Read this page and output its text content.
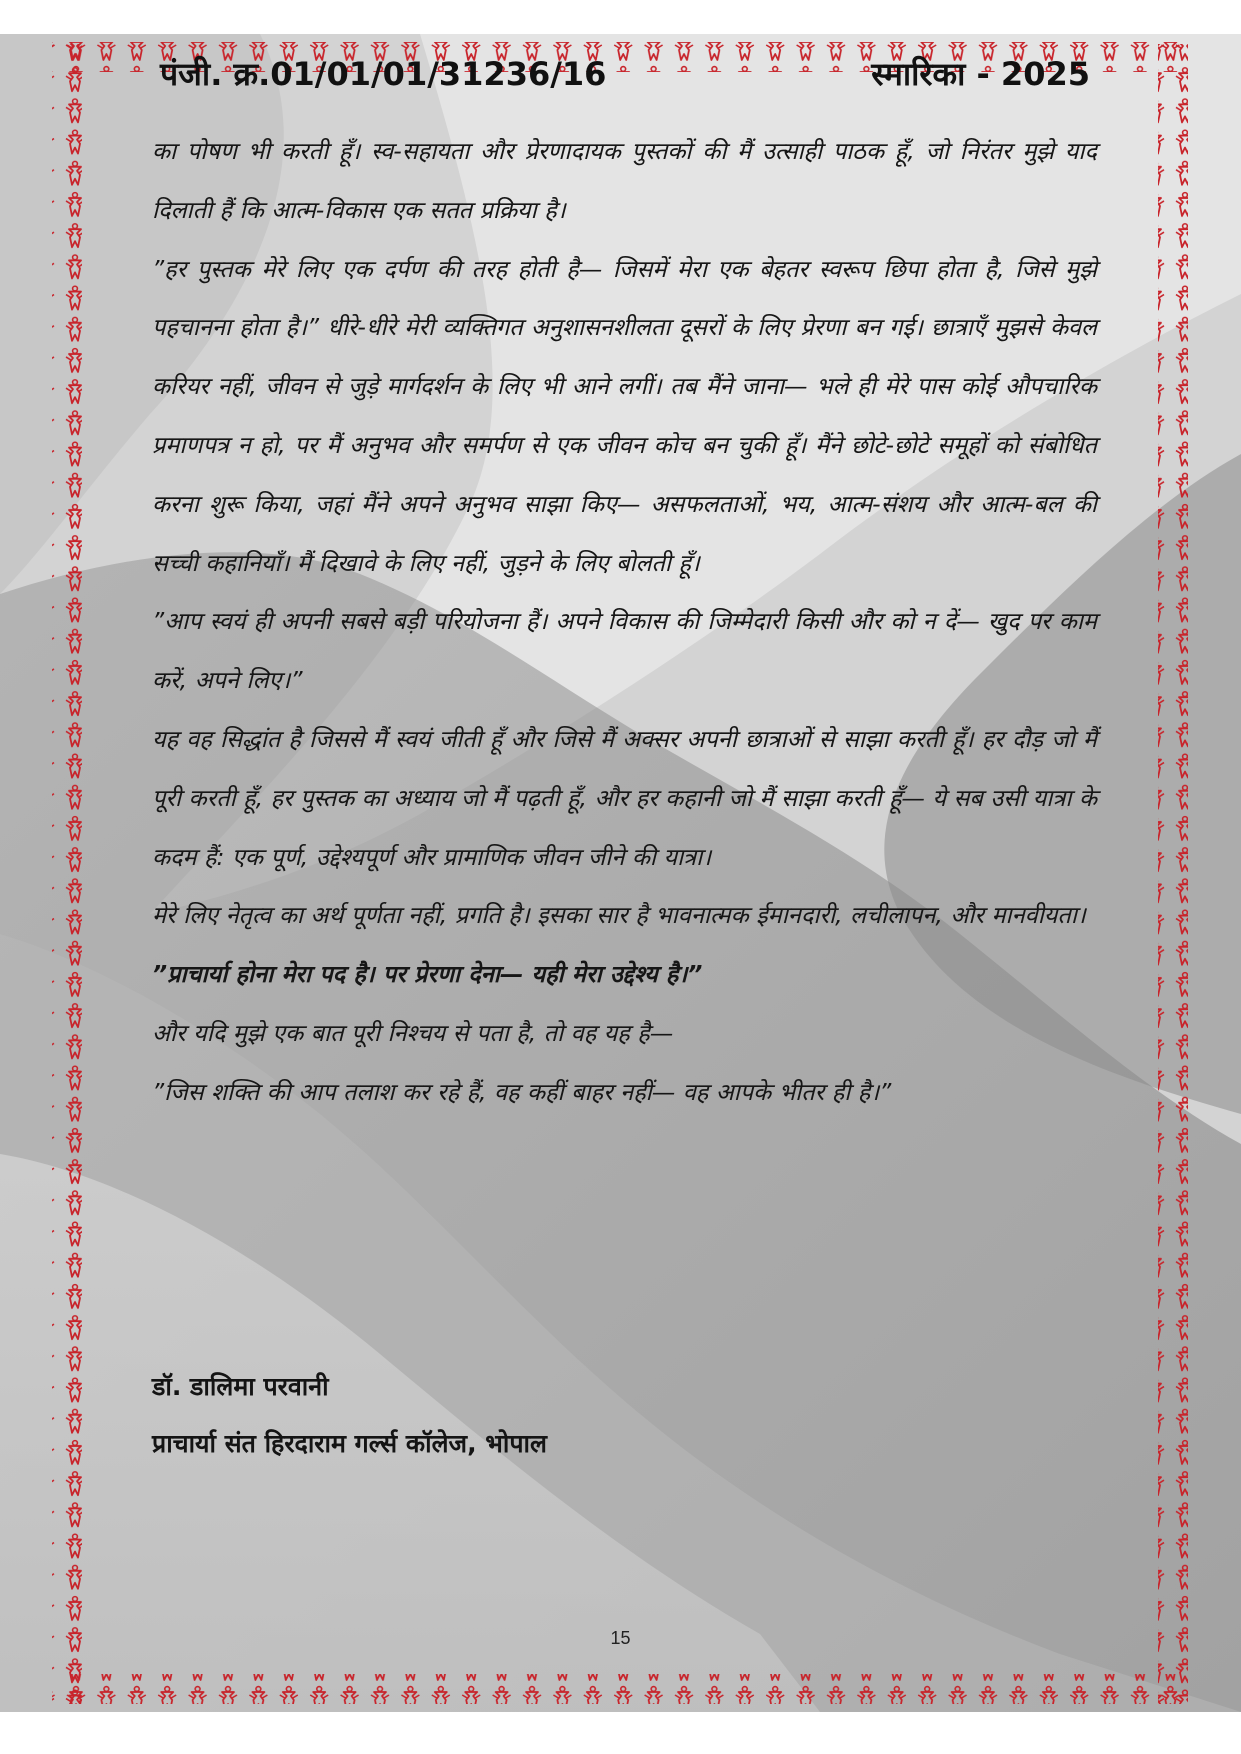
पंजी. क्र.01/01/01/31236/16	स्मारिका - 2025

का पोषण भी करती हूँ। स्व-सहायता और प्रेरणादायक पुस्तकों की मैं उत्साही पाठक हूँ, जो निरंतर मुझे याद दिलाती हैं कि आत्म-विकास एक सतत प्रक्रिया है।

”हर पुस्तक मेरे लिए एक दर्पण की तरह होती है— जिसमें मेरा एक बेहतर स्वरूप छिपा होता है, जिसे मुझे पहचानना होता है।” धीरे-धीरे मेरी व्यक्तिगत अनुशासनशीलता दूसरों के लिए प्रेरणा बन गई। छात्राएँ मुझसे केवल करियर नहीं, जीवन से जुड़े मार्गदर्शन के लिए भी आने लगीं। तब मैंने जाना— भले ही मेरे पास कोई औपचारिक प्रमाणपत्र न हो, पर मैं अनुभव और समर्पण से एक जीवन कोच बन चुकी हूँ। मैंने छोटे-छोटे समूहों को संबोधित करना शुरू किया, जहां मैंने अपने अनुभव साझा किए— असफलताओं, भय, आत्म-संशय और आत्म-बल की सच्ची कहानियाँ। मैं दिखावे के लिए नहीं, जुड़ने के लिए बोलती हूँ।

”आप स्वयं ही अपनी सबसे बड़ी परियोजना हैं। अपने विकास की जिम्मेदारी किसी और को न दें— खुद पर काम करें, अपने लिए।”

यह वह सिद्धांत है जिससे मैं स्वयं जीती हूँ और जिसे मैं अक्सर अपनी छात्राओं से साझा करती हूँ। हर दौड़ जो मैं पूरी करती हूँ, हर पुस्तक का अध्याय जो मैं पढ़ती हूँ, और हर कहानी जो मैं साझा करती हूँ— ये सब उसी यात्रा के कदम हैं: एक पूर्ण, उद्देश्यपूर्ण और प्रामाणिक जीवन जीने की यात्रा।

मेरे लिए नेतृत्व का अर्थ पूर्णता नहीं, प्रगति है। इसका सार है भावनात्मक ईमानदारी, लचीलापन, और मानवीयता।

”प्राचार्या होना मेरा पद है। पर प्रेरणा देना— यही मेरा उद्देश्य है।”

और यदि मुझे एक बात पूरी निश्चय से पता है, तो वह यह है—

”जिस शक्ति की आप तलाश कर रहे हैं, वह कहीं बाहर नहीं— वह आपके भीतर ही है।”

डॉ. डालिमा परवानी
प्राचार्या संत हिरदाराम गर्ल्स कॉलेज, भोपाल
15
